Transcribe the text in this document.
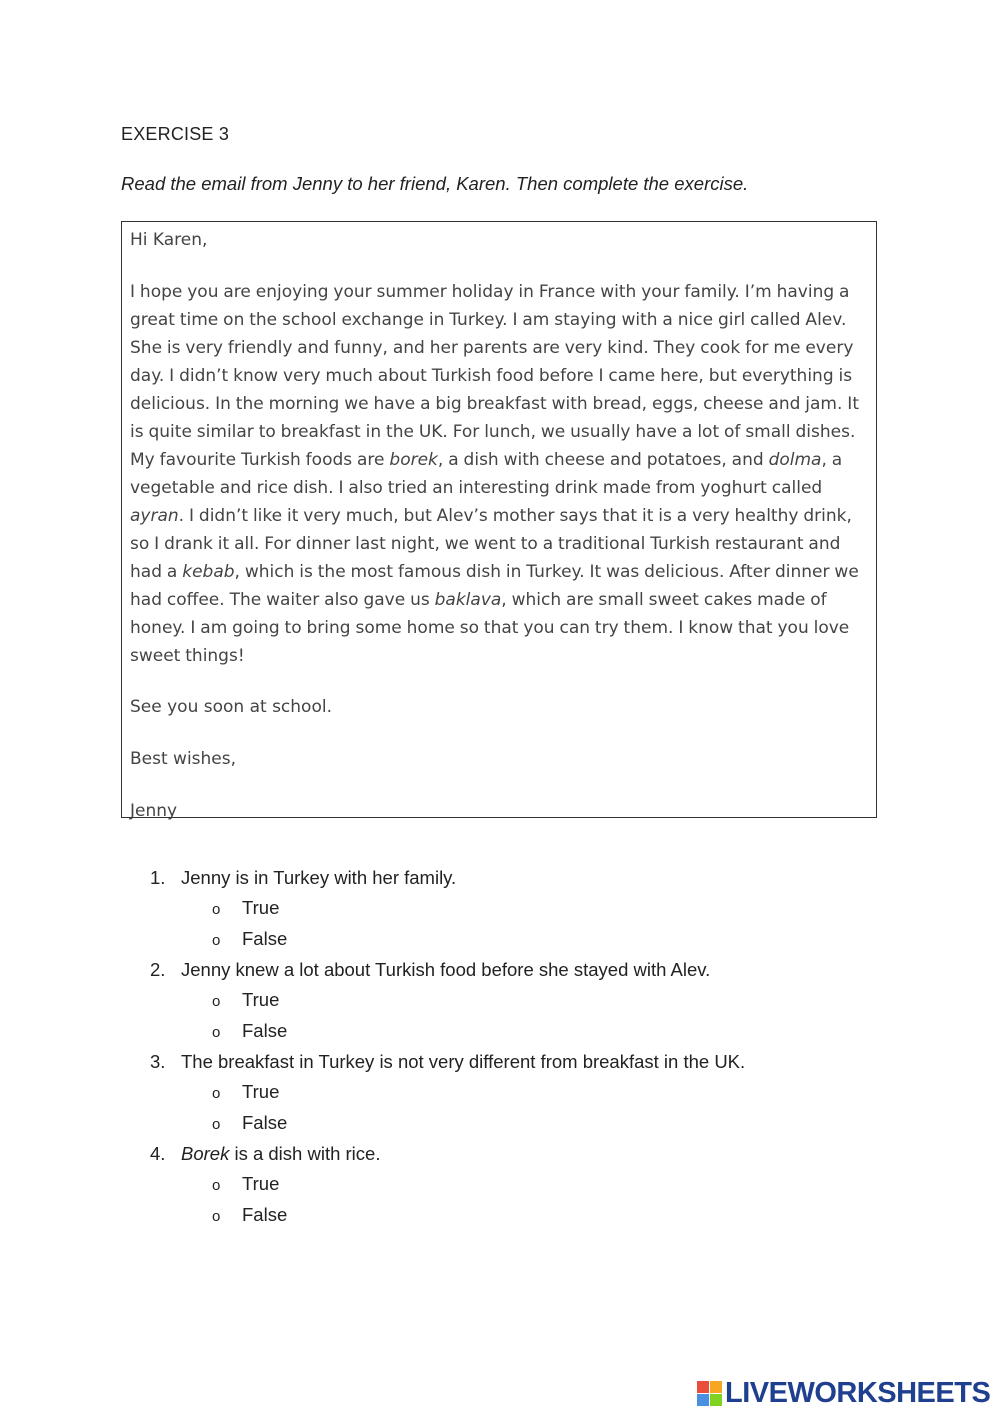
EXERCISE 3
Read the email from Jenny to her friend, Karen. Then complete the exercise.

Hi Karen,

I hope you are enjoying your summer holiday in France with your family. I’m having a great time on the school exchange in Turkey. I am staying with a nice girl called Alev. She is very friendly and funny, and her parents are very kind. They cook for me every day. I didn’t know very much about Turkish food before I came here, but everything is delicious. In the morning we have a big breakfast with bread, eggs, cheese and jam. It is quite similar to breakfast in the UK. For lunch, we usually have a lot of small dishes. My favourite Turkish foods are borek, a dish with cheese and potatoes, and dolma, a vegetable and rice dish. I also tried an interesting drink made from yoghurt called ayran. I didn’t like it very much, but Alev’s mother says that it is a very healthy drink, so I drank it all. For dinner last night, we went to a traditional Turkish restaurant and had a kebab, which is the most famous dish in Turkey. It was delicious. After dinner we had coffee. The waiter also gave us baklava, which are small sweet cakes made of honey. I am going to bring some home so that you can try them. I know that you love sweet things!

See you soon at school.

Best wishes,

Jenny

1. Jenny is in Turkey with her family.
o True
o False
2. Jenny knew a lot about Turkish food before she stayed with Alev.
o True
o False
3. The breakfast in Turkey is not very different from breakfast in the UK.
o True
o False
4. Borek is a dish with rice.
o True
o False
LIVEWORKSHEETS
